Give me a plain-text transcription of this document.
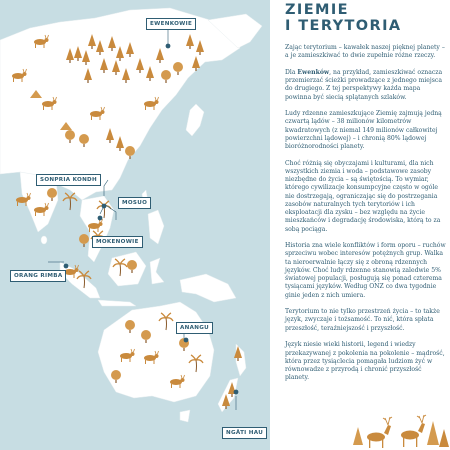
EWENKOWIE
SONPRIA KONDH
MOSUO
MOKENOWIE
ORANG RIMBA
ANANGU
NGĀTI HAU
ZIEMIE
I TERYTORIA

Zając terytorium – kawałek naszej pięknej planety – a je zamieszkiwać to dwie zupełnie różne rzeczy.

Dla Ewenków, na przykład, zamieszkiwać oznacza przemierzać ścieżki prowadzące z jednego miejsca do drugiego. Z tej perspektywy każda mapa powinna być siecią splątanych szlaków.

Ludy rdzenne zamieszkujące Ziemię zajmują jedną czwartą lądów – 38 milionów kilometrów kwadratowych (z niemal 149 milionów całkowitej powierzchni lądowej) – i chronią 80% lądowej bioróżnorodności planety.

Choć różnią się obyczajami i kulturami, dla nich wszystkich ziemia i woda – podstawowe zasoby niezbędne do życia – są świętością. To wymiar, którego cywilizacje konsumpcyjne często w ogóle nie dostrzegają, ograniczając się do postrzegania zasobów naturalnych tych terytoriów i ich eksploatacji dla zysku – bez względu na życie mieszkańców i degradację środowiska, którą to za sobą pociąga.

Historia zna wiele konfliktów i form oporu – ruchów sprzeciwu wobec interesów potężnych grup. Walka ta nieroerwalnie łączy się z obroną rdzennych języków. Choć ludy rdzenne stanowią zaledwie 5% światowej populacji, posługują się ponad czterema tysiącami języków. Według ONZ co dwa tygodnie ginie jeden z nich umiera.

Terytorium to nie tylko przestrzeń życia – to także język, zwyczaje i tożsamość. To nić, która spłata przeszłość, teraźniejszość i przyszłość.

Język niesie wieki historii, legend i wiedzy przekazywanej z pokolenia na pokolenie – mądrość, która przez tysiąclecia pomagała ludziom żyć w równowadze z przyrodą i chronić przyszłość planety.
